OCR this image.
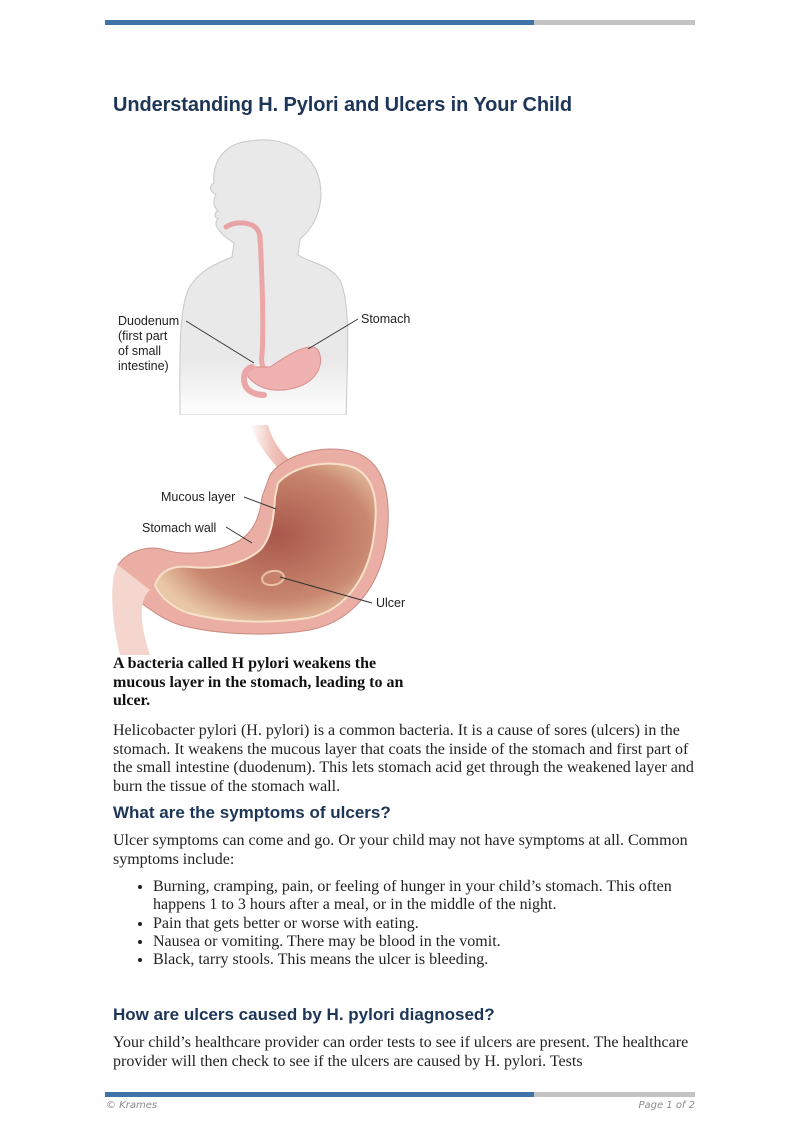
Understanding H. Pylori and Ulcers in Your Child
Duodenum
(first part
of small
intestine)
Stomach
Mucous layer
Stomach wall
Ulcer

A bacteria called H pylori weakens the mucous layer in the stomach, leading to an ulcer.

Helicobacter pylori (H. pylori) is a common bacteria. It is a cause of sores (ulcers) in the stomach. It weakens the mucous layer that coats the inside of the stomach and first part of the small intestine (duodenum). This lets stomach acid get through the weakened layer and burn the tissue of the stomach wall.

What are the symptoms of ulcers?

Ulcer symptoms can come and go. Or your child may not have symptoms at all. Common symptoms include:

• Burning, cramping, pain, or feeling of hunger in your child’s stomach. This often happens 1 to 3 hours after a meal, or in the middle of the night.
• Pain that gets better or worse with eating.
• Nausea or vomiting. There may be blood in the vomit.
• Black, tarry stools. This means the ulcer is bleeding.
How are ulcers caused by H. pylori diagnosed?

Your child’s healthcare provider can order tests to see if ulcers are present. The healthcare provider will then check to see if the ulcers are caused by H. pylori. Tests

© Krames	Page 1 of 2
